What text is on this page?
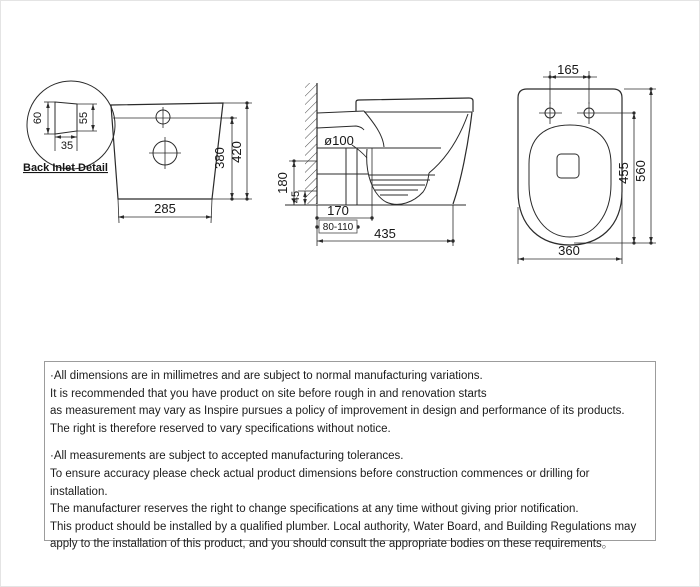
380 420
285
60	55
35
Back Inlet Detail
ø100
180
45
170
80-110 435
165
455 560
360
·All dimensions are in millimetres and are subject to normal manufacturing variations.
It is recommended that you have product on site before rough in and renovation starts
as measurement may vary as Inspire pursues a policy of improvement in design and performance of its products.
The right is therefore reserved to vary specifications without notice.
·All measurements are subject to accepted manufacturing tolerances.
To ensure accuracy please check actual product dimensions before construction commences or drilling for installation.
The manufacturer reserves the right to change specifications at any time without giving prior notification.
This product should be installed by a qualified plumber. Local authority, Water Board, and Building Regulations may
apply to the installation of this product, and you should consult the appropriate bodies on these requirements。
